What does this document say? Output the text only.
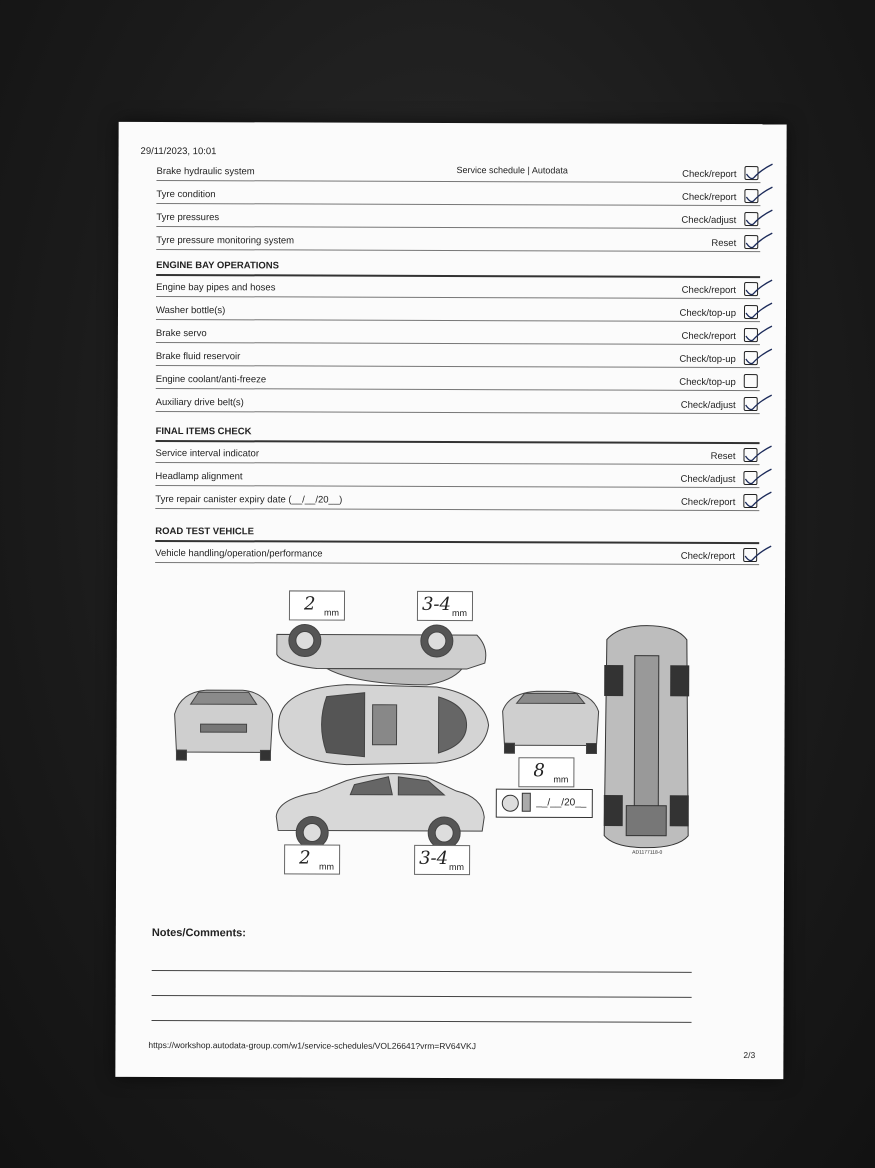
29/11/2023, 10:01
Service schedule | Autodata
Brake hydraulic system	Check/report
Tyre condition	Check/report
Tyre pressures	Check/adjust
Tyre pressure monitoring system	Reset
ENGINE BAY OPERATIONS
Engine bay pipes and hoses	Check/report
Washer bottle(s)	Check/top-up
Brake servo	Check/report
Brake fluid reservoir	Check/top-up
Engine coolant/anti-freeze	Check/top-up
Auxiliary drive belt(s)	Check/adjust
FINAL ITEMS CHECK
Service interval indicator	Reset
Headlamp alignment	Check/adjust
Tyre repair canister expiry date (__/__/20__)	Check/report
ROAD TEST VEHICLE
Vehicle handling/operation/performance	Check/report
2 mm	3-4 mm
8 mm
__/__/20__
2 mm	3-4 mm
AD1177118-0
Notes/Comments:
https://workshop.autodata-group.com/w1/service-schedules/VOL26641?vrm=RV64VKJ
2/3
